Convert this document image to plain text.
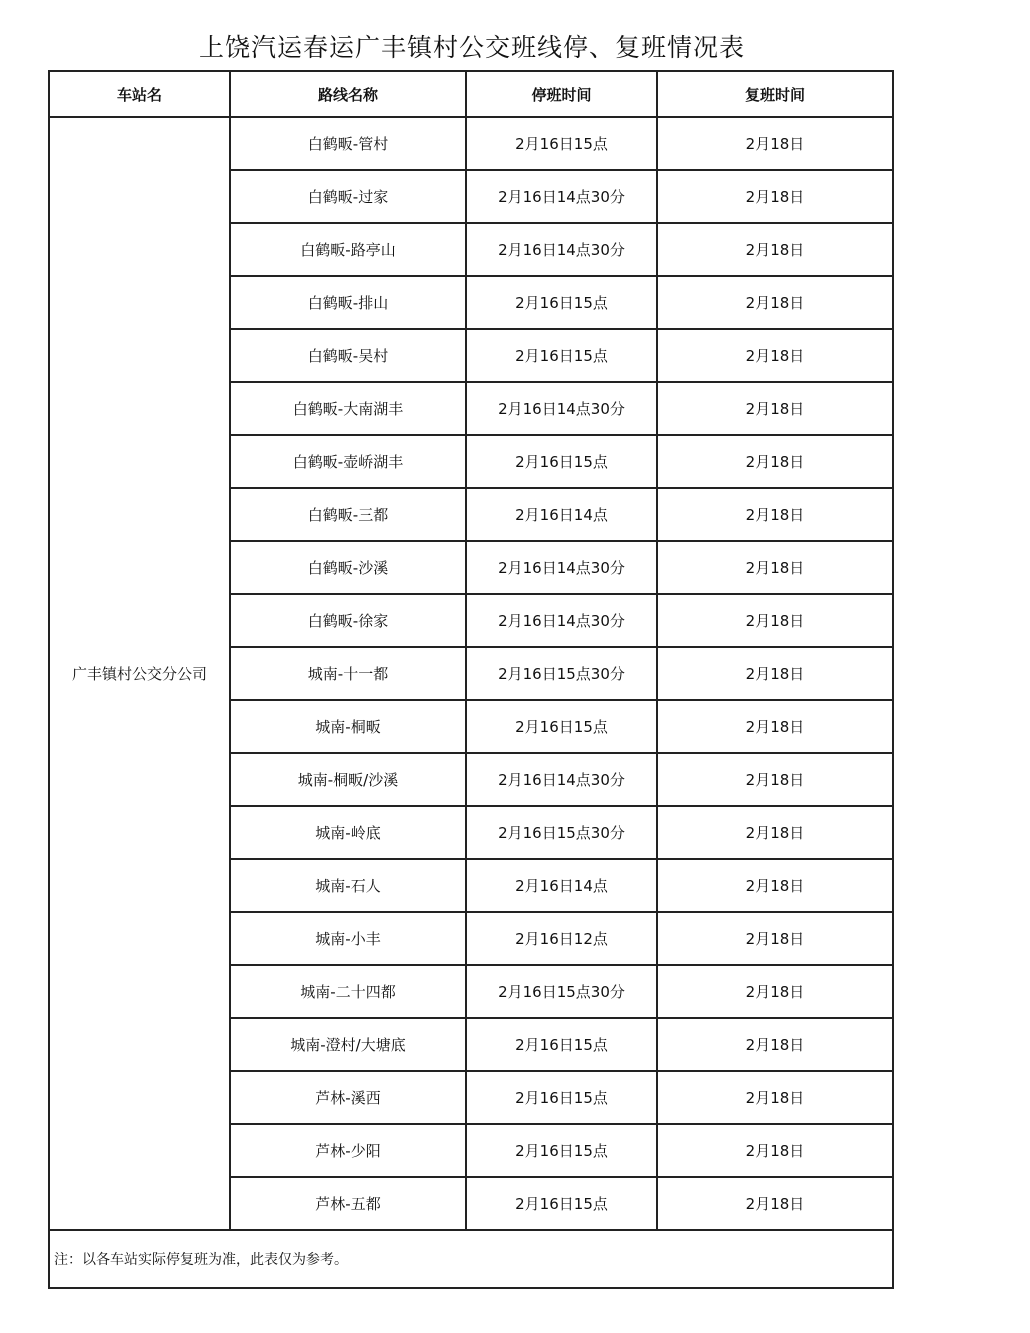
上饶汽运春运广丰镇村公交班线停、复班情况表
车站名	路线名称	停班时间	复班时间
广丰镇村公交分公司	白鹤畈-管村	2月16日15点	2月18日
	白鹤畈-过家	2月16日14点30分	2月18日
	白鹤畈-路亭山	2月16日14点30分	2月18日
	白鹤畈-排山	2月16日15点	2月18日
	白鹤畈-吴村	2月16日15点	2月18日
	白鹤畈-大南湖丰	2月16日14点30分	2月18日
	白鹤畈-壶峤湖丰	2月16日15点	2月18日
	白鹤畈-三都	2月16日14点	2月18日
	白鹤畈-沙溪	2月16日14点30分	2月18日
	白鹤畈-徐家	2月16日14点30分	2月18日
	城南-十一都	2月16日15点30分	2月18日
	城南-桐畈	2月16日15点	2月18日
	城南-桐畈/沙溪	2月16日14点30分	2月18日
	城南-岭底	2月16日15点30分	2月18日
	城南-石人	2月16日14点	2月18日
	城南-小丰	2月16日12点	2月18日
	城南-二十四都	2月16日15点30分	2月18日
	城南-澄村/大塘底	2月16日15点	2月18日
	芦林-溪西	2月16日15点	2月18日
	芦林-少阳	2月16日15点	2月18日
	芦林-五都	2月16日15点	2月18日
注：以各车站实际停复班为准，此表仅为参考。			
